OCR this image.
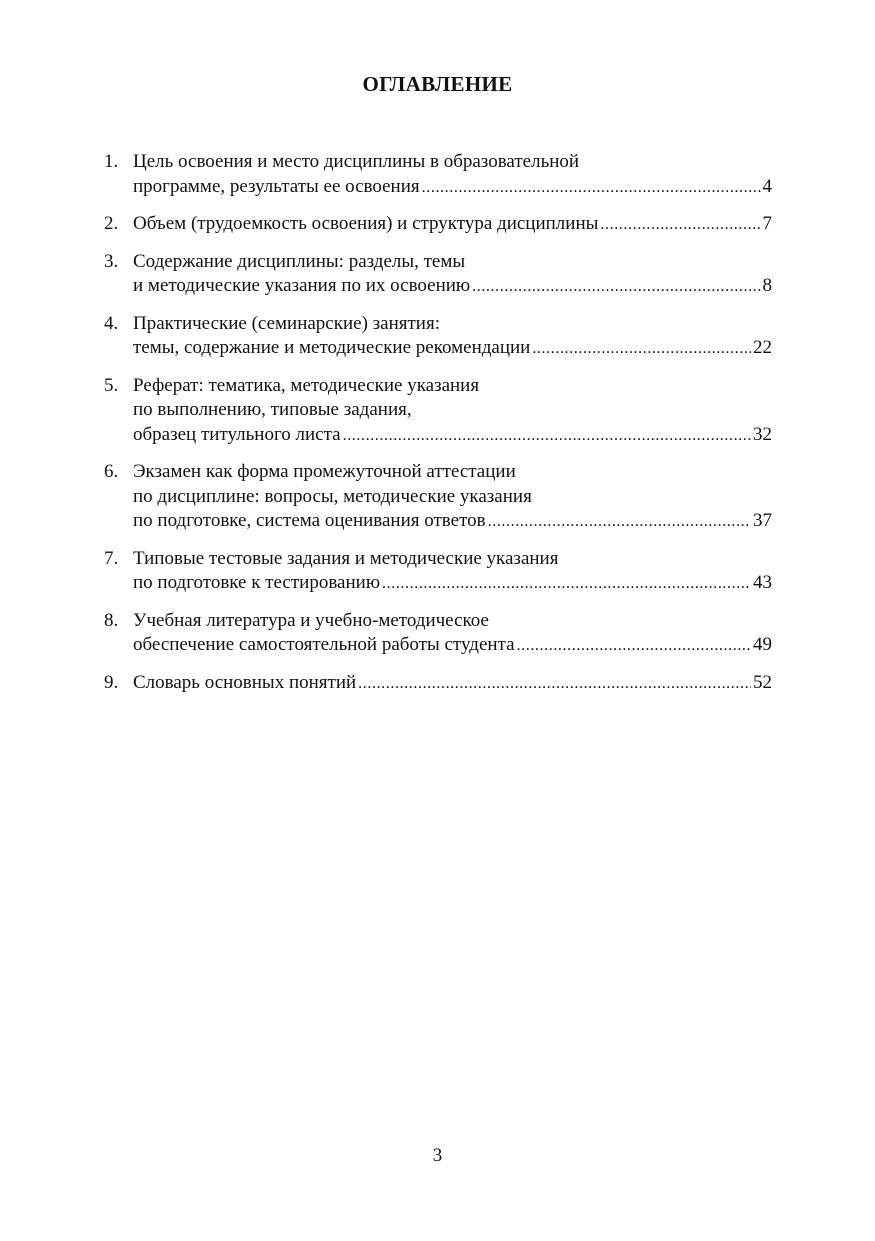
ОГЛАВЛЕНИЕ
1. Цель освоения и место дисциплины в образовательной
программе, результаты ее освоения .....	4
2. Объем (трудоемкость освоения) и структура дисциплины .....	7
3. Содержание дисциплины: разделы, темы
и методические указания по их освоению .....	8
4. Практические (семинарские) занятия:
темы, содержание и методические рекомендации .....	22
5. Реферат: тематика, методические указания
по выполнению, типовые задания,
образец титульного листа .....	32
6. Экзамен как форма промежуточной аттестации
по дисциплине: вопросы, методические указания
по подготовке, система оценивания ответов .....	37
7. Типовые тестовые задания и методические указания
по подготовке к тестированию .....	43
8. Учебная литература и учебно-методическое
обеспечение самостоятельной работы студента .....	49
9. Словарь основных понятий .....	52
3
